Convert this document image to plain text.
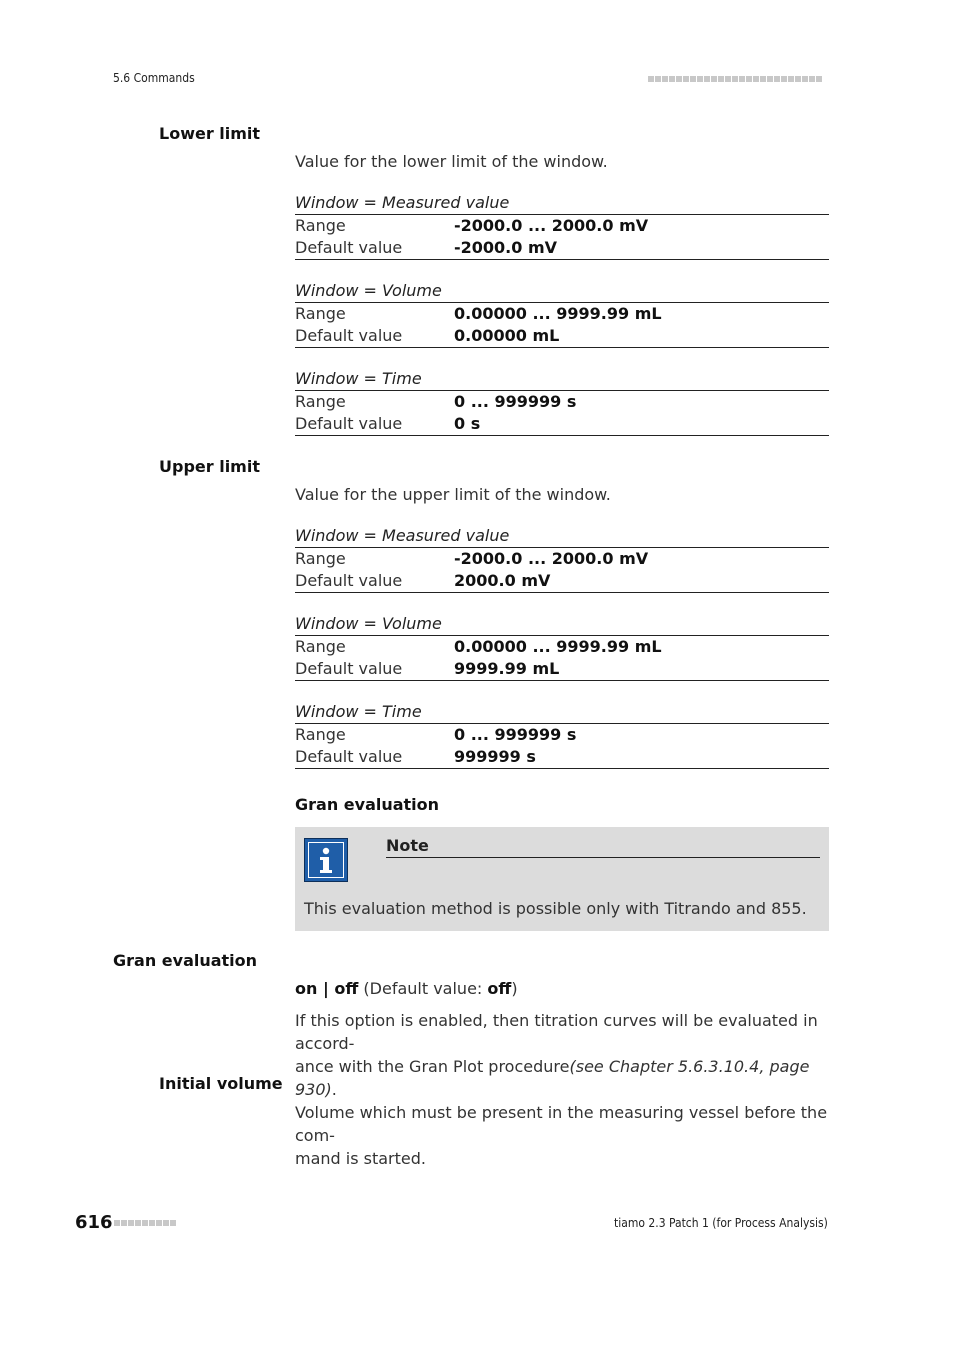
5.6 Commands
Lower limit
Value for the lower limit of the window.
Window = Measured value
Range	-2000.0 ... 2000.0 mV
Default value	-2000.0 mV
Window = Volume
Range	0.00000 ... 9999.99 mL
Default value	0.00000 mL
Window = Time
Range	0 ... 999999 s
Default value	0 s
Upper limit
Value for the upper limit of the window.
Window = Measured value
Range	-2000.0 ... 2000.0 mV
Default value	2000.0 mV
Window = Volume
Range	0.00000 ... 9999.99 mL
Default value	9999.99 mL
Window = Time
Range	0 ... 999999 s
Default value	999999 s
Gran evaluation
Note
This evaluation method is possible only with Titrando and 855.
Gran evaluation
on | off (Default value: off)
If this option is enabled, then titration curves will be evaluated in accord-
ance with the Gran Plot procedure(see Chapter 5.6.3.10.4, page 930).
Initial volume
Volume which must be present in the measuring vessel before the com-
mand is started.
616	tiamo 2.3 Patch 1 (for Process Analysis)
